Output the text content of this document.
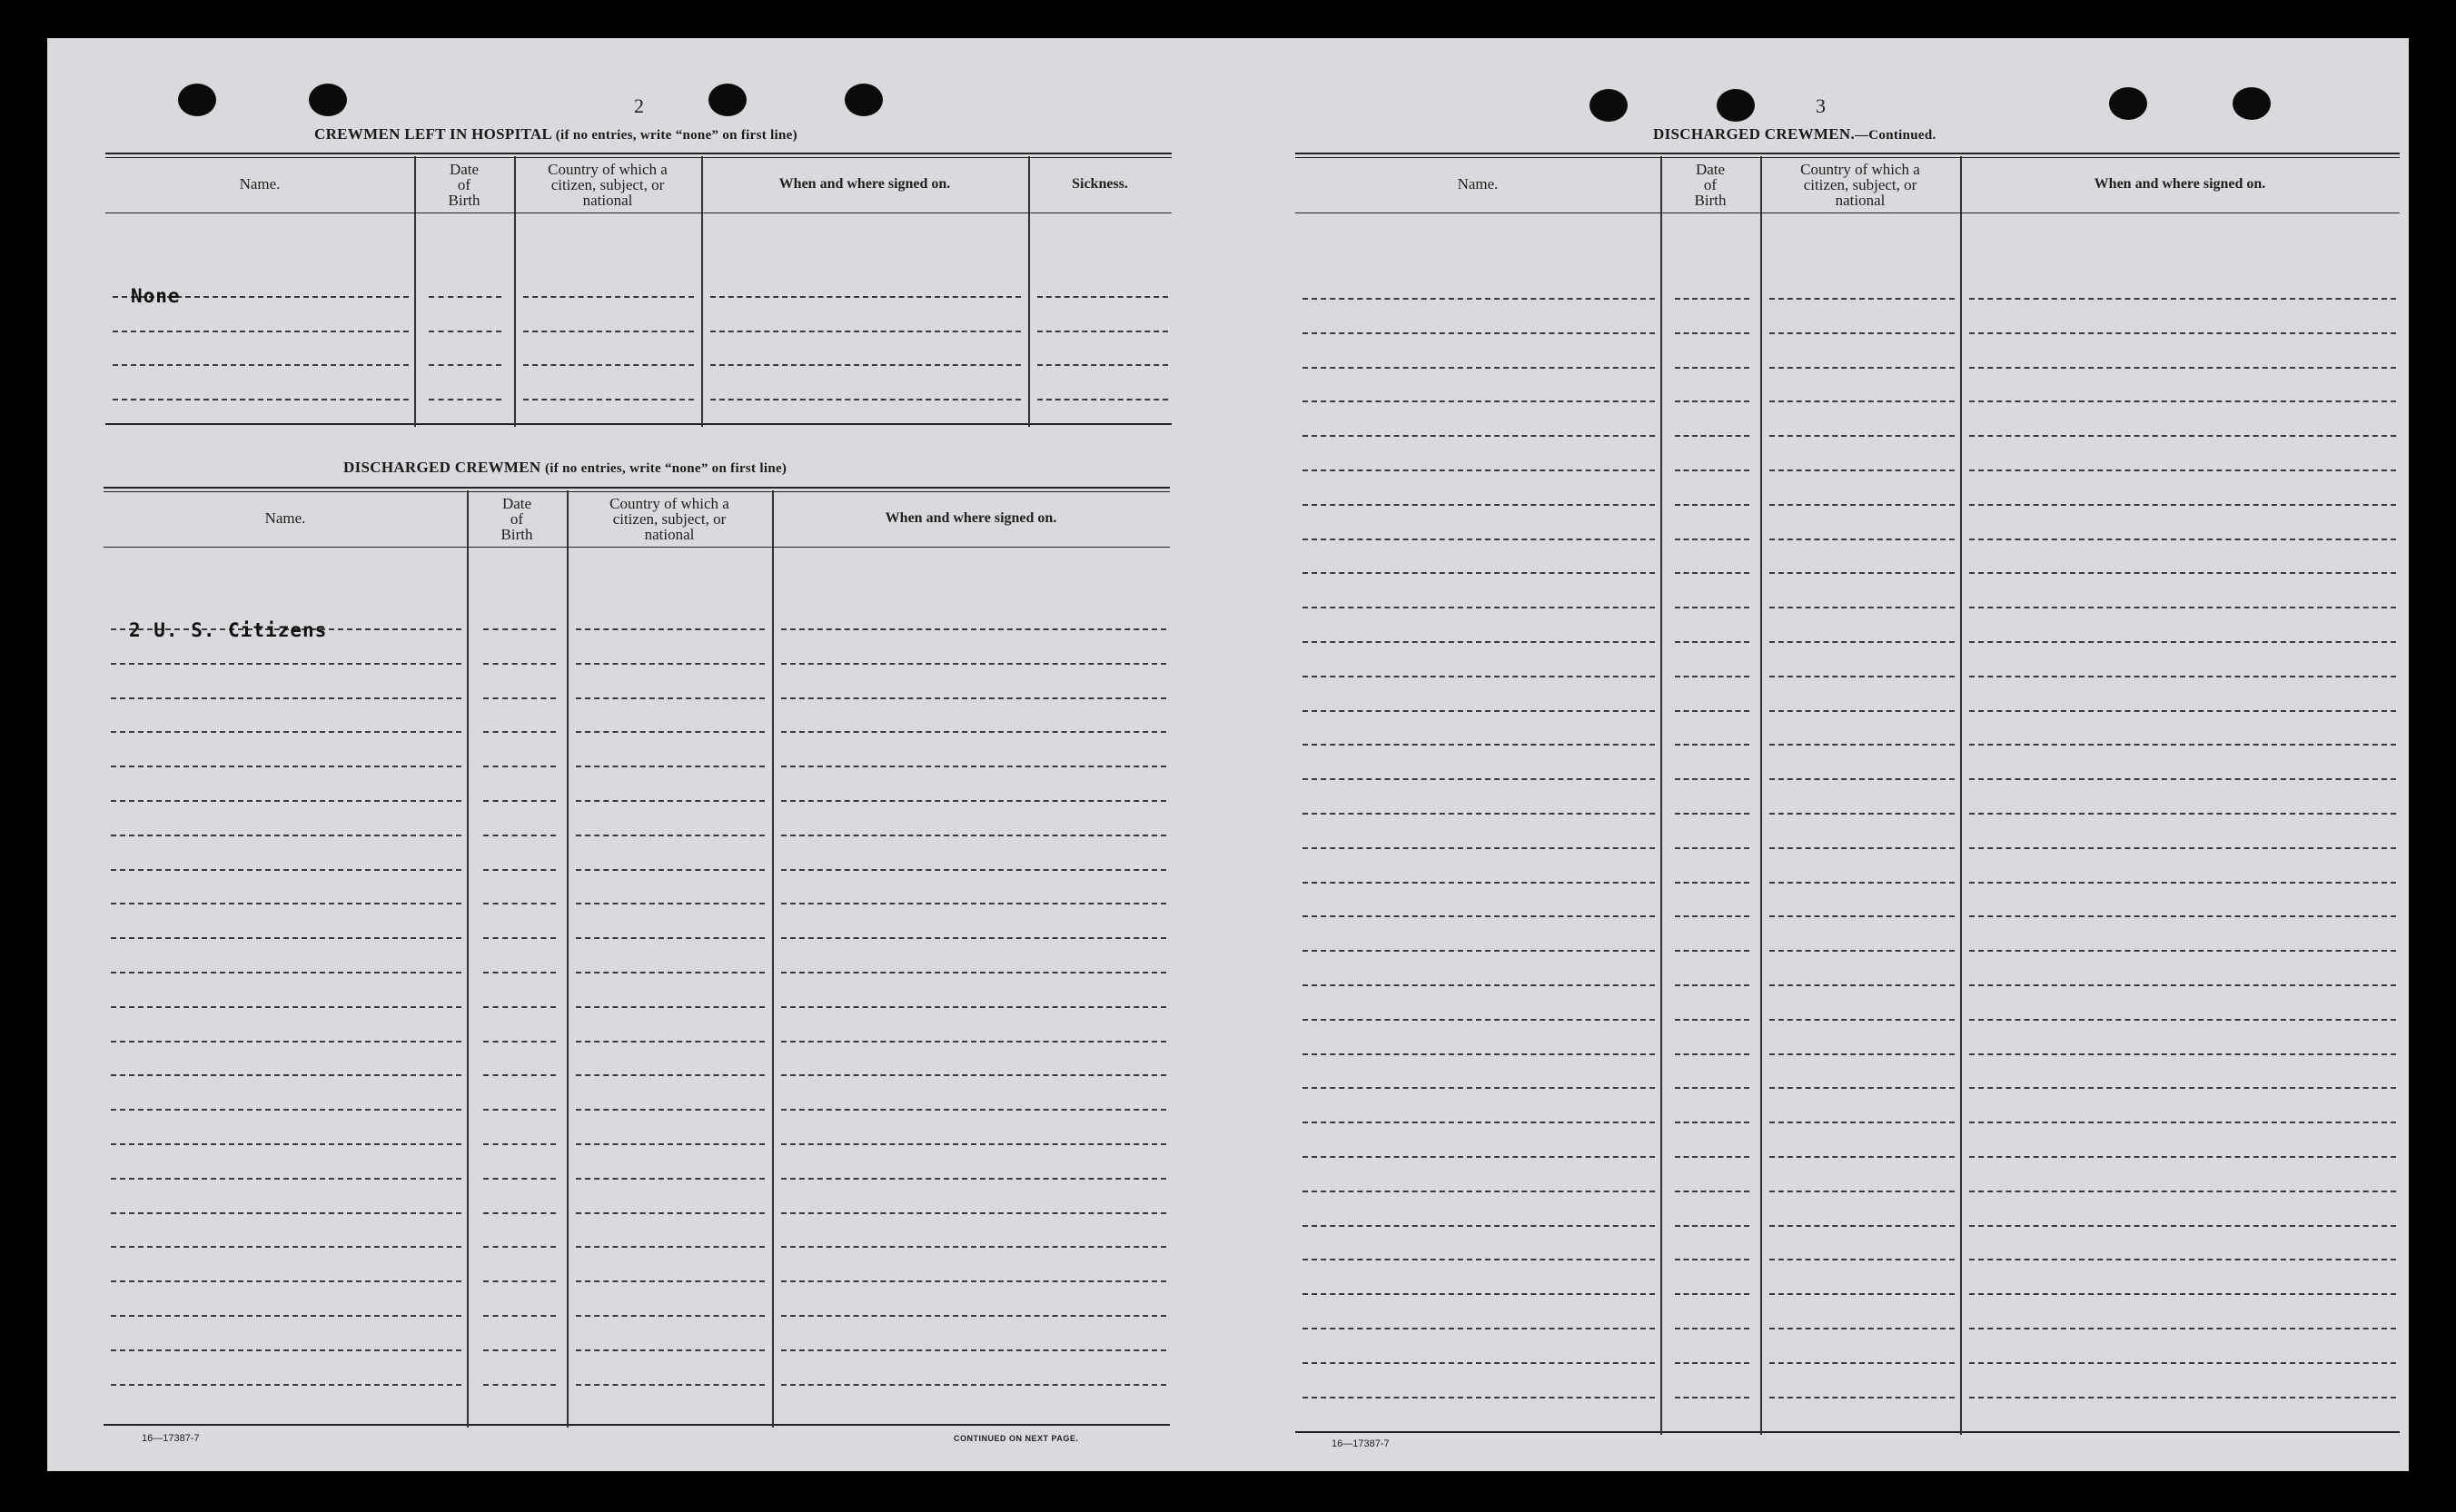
2
CREWMEN LEFT IN HOSPITAL (if no entries, write “none” on first line)
Name.
Date
of
Birth
Country of which a
citizen, subject, or
national
When and where signed on.	Sickness.
None
DISCHARGED CREWMEN (if no entries, write “none” on first line)
Name.
Date
of
Birth
Country of which a
citizen, subject, or
national
When and where signed on.
2 U. S. Citizens
16—17387-7	CONTINUED ON NEXT PAGE.
3
DISCHARGED CREWMEN.—Continued.
Name.
Date
of
Birth
Country of which a
citizen, subject, or
national
When and where signed on.
16—17387-7
